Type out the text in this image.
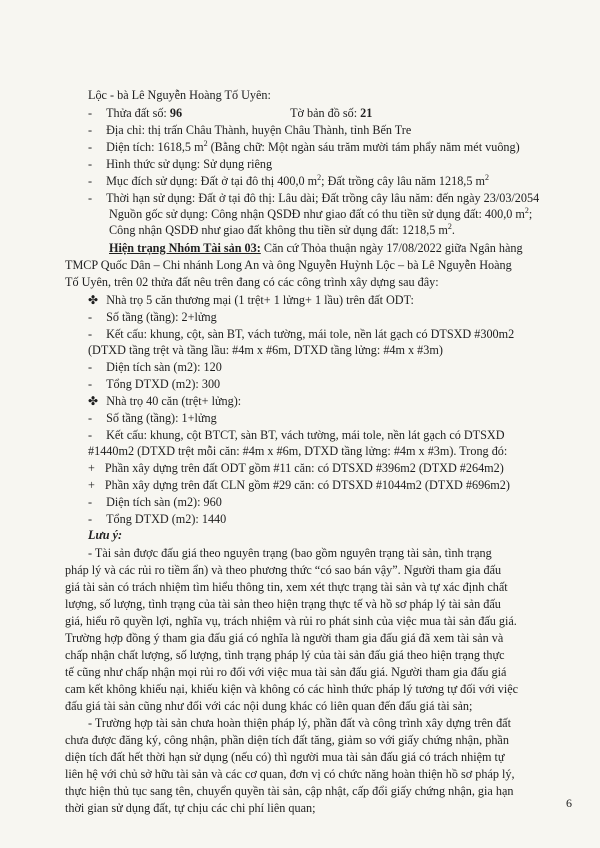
Lộc - bà Lê Nguyễn Hoàng Tố Uyên:
- Thửa đất số: 96	Tờ bản đồ số: 21
- Địa chỉ: thị trấn Châu Thành, huyện Châu Thành, tỉnh Bến Tre
- Diện tích: 1618,5 $m^2$ (Bằng chữ: Một ngàn sáu trăm mười tám phẩy năm mét vuông)
- Hình thức sử dụng: Sử dụng riêng
- Mục đích sử dụng: Đất ở tại đô thị 400,0 $m^2$; Đất trồng cây lâu năm 1218,5 $m^2$
- Thời hạn sử dụng: Đất ở tại đô thị: Lâu dài; Đất trồng cây lâu năm: đến ngày 23/03/2054
Nguồn gốc sử dụng: Công nhận QSDĐ như giao đất có thu tiền sử dụng đất: 400,0 $m^2$;
Công nhận QSDĐ như giao đất không thu tiền sử dụng đất: 1218,5 $m^2$.
Hiện trạng Nhóm Tài sản 03: Căn cứ Thỏa thuận ngày 17/08/2022 giữa Ngân hàng
TMCP Quốc Dân – Chi nhánh Long An và ông Nguyễn Huỳnh Lộc – bà Lê Nguyễn Hoàng
Tố Uyên, trên 02 thửa đất nêu trên đang có các công trình xây dựng sau đây:
✤ Nhà trọ 5 căn thương mại (1 trệt+ 1 lửng+ 1 lầu) trên đất ODT:
- Số tầng (tầng): 2+lửng
- Kết cấu: khung, cột, sàn BT, vách tường, mái tole, nền lát gạch có DTSXD #300m2
(DTXD tầng trệt và tầng lầu: #4m x #6m, DTXD tầng lửng: #4m x #3m)
- Diện tích sàn (m2): 120
- Tổng DTXD (m2): 300
✤ Nhà trọ 40 căn (trệt+ lửng):
- Số tầng (tầng): 1+lửng
- Kết cấu: khung, cột BTCT, sàn BT, vách tường, mái tole, nền lát gạch có DTSXD
#1440m2 (DTXD trệt mỗi căn: #4m x #6m, DTXD tầng lửng: #4m x #3m). Trong đó:
+ Phần xây dựng trên đất ODT gồm #11 căn: có DTSXD #396m2 (DTXD #264m2)
+ Phần xây dựng trên đất CLN gồm #29 căn: có DTSXD #1044m2 (DTXD #696m2)
- Diện tích sàn (m2): 960
- Tổng DTXD (m2): 1440
Lưu ý:
- Tài sản được đấu giá theo nguyên trạng (bao gồm nguyên trạng tài sản, tình trạng
pháp lý và các rủi ro tiềm ẩn) và theo phương thức “có sao bán vậy”. Người tham gia đấu
giá tài sản có trách nhiệm tìm hiểu thông tin, xem xét thực trạng tài sản và tự xác định chất
lượng, số lượng, tình trạng của tài sản theo hiện trạng thực tế và hồ sơ pháp lý tài sản đấu
giá, hiểu rõ quyền lợi, nghĩa vụ, trách nhiệm và rủi ro phát sinh của việc mua tài sản đấu giá.
Trường hợp đồng ý tham gia đấu giá có nghĩa là người tham gia đấu giá đã xem tài sản và
chấp nhận chất lượng, số lượng, tình trạng pháp lý của tài sản đấu giá theo hiện trạng thực
tế cũng như chấp nhận mọi rủi ro đối với việc mua tài sản đấu giá. Người tham gia đấu giá
cam kết không khiếu nại, khiếu kiện và không có các hình thức pháp lý tương tự đối với việc
đấu giá tài sản cũng như đối với các nội dung khác có liên quan đến đấu giá tài sản;
- Trường hợp tài sản chưa hoàn thiện pháp lý, phần đất và công trình xây dựng trên đất
chưa được đăng ký, công nhận, phần diện tích đất tăng, giảm so với giấy chứng nhận, phần
diện tích đất hết thời hạn sử dụng (nếu có) thì người mua tài sản đấu giá có trách nhiệm tự
liên hệ với chủ sở hữu tài sản và các cơ quan, đơn vị có chức năng hoàn thiện hồ sơ pháp lý,
thực hiện thủ tục sang tên, chuyển quyền tài sản, cập nhật, cấp đổi giấy chứng nhận, gia hạn
thời gian sử dụng đất, tự chịu các chi phí liên quan;	6
